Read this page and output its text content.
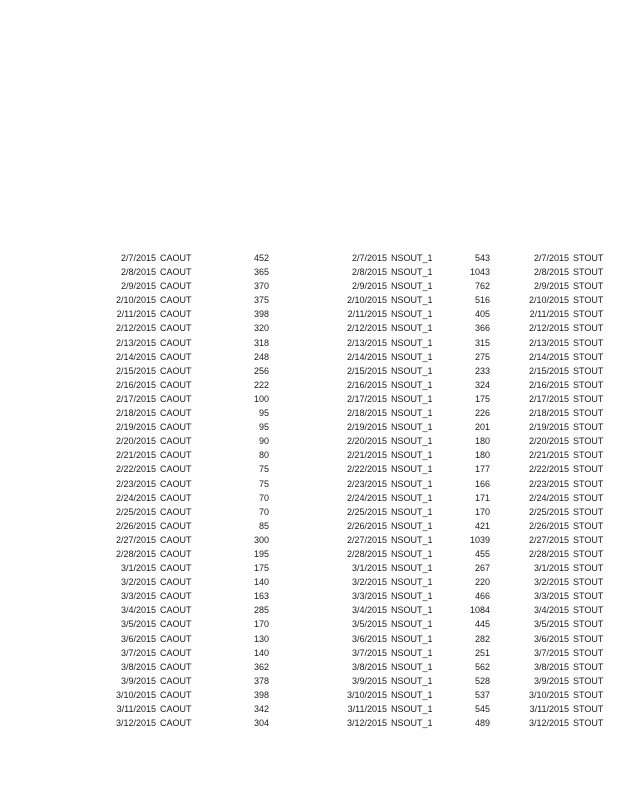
2/7/2015 CAOUT	452	2/7/2015 NSOUT_1	543	2/7/2015 STOUT
2/8/2015 CAOUT	365	2/8/2015 NSOUT_1	1043	2/8/2015 STOUT
2/9/2015 CAOUT	370	2/9/2015 NSOUT_1	762	2/9/2015 STOUT
2/10/2015 CAOUT	375	2/10/2015 NSOUT_1	516	2/10/2015 STOUT
2/11/2015 CAOUT	398	2/11/2015 NSOUT_1	405	2/11/2015 STOUT
2/12/2015 CAOUT	320	2/12/2015 NSOUT_1	366	2/12/2015 STOUT
2/13/2015 CAOUT	318	2/13/2015 NSOUT_1	315	2/13/2015 STOUT
2/14/2015 CAOUT	248	2/14/2015 NSOUT_1	275	2/14/2015 STOUT
2/15/2015 CAOUT	256	2/15/2015 NSOUT_1	233	2/15/2015 STOUT
2/16/2015 CAOUT	222	2/16/2015 NSOUT_1	324	2/16/2015 STOUT
2/17/2015 CAOUT	100	2/17/2015 NSOUT_1	175	2/17/2015 STOUT
2/18/2015 CAOUT	95	2/18/2015 NSOUT_1	226	2/18/2015 STOUT
2/19/2015 CAOUT	95	2/19/2015 NSOUT_1	201	2/19/2015 STOUT
2/20/2015 CAOUT	90	2/20/2015 NSOUT_1	180	2/20/2015 STOUT
2/21/2015 CAOUT	80	2/21/2015 NSOUT_1	180	2/21/2015 STOUT
2/22/2015 CAOUT	75	2/22/2015 NSOUT_1	177	2/22/2015 STOUT
2/23/2015 CAOUT	75	2/23/2015 NSOUT_1	166	2/23/2015 STOUT
2/24/2015 CAOUT	70	2/24/2015 NSOUT_1	171	2/24/2015 STOUT
2/25/2015 CAOUT	70	2/25/2015 NSOUT_1	170	2/25/2015 STOUT
2/26/2015 CAOUT	85	2/26/2015 NSOUT_1	421	2/26/2015 STOUT
2/27/2015 CAOUT	300	2/27/2015 NSOUT_1	1039	2/27/2015 STOUT
2/28/2015 CAOUT	195	2/28/2015 NSOUT_1	455	2/28/2015 STOUT
3/1/2015 CAOUT	175	3/1/2015 NSOUT_1	267	3/1/2015 STOUT
3/2/2015 CAOUT	140	3/2/2015 NSOUT_1	220	3/2/2015 STOUT
3/3/2015 CAOUT	163	3/3/2015 NSOUT_1	466	3/3/2015 STOUT
3/4/2015 CAOUT	285	3/4/2015 NSOUT_1	1084	3/4/2015 STOUT
3/5/2015 CAOUT	170	3/5/2015 NSOUT_1	445	3/5/2015 STOUT
3/6/2015 CAOUT	130	3/6/2015 NSOUT_1	282	3/6/2015 STOUT
3/7/2015 CAOUT	140	3/7/2015 NSOUT_1	251	3/7/2015 STOUT
3/8/2015 CAOUT	362	3/8/2015 NSOUT_1	562	3/8/2015 STOUT
3/9/2015 CAOUT	378	3/9/2015 NSOUT_1	528	3/9/2015 STOUT
3/10/2015 CAOUT	398	3/10/2015 NSOUT_1	537	3/10/2015 STOUT
3/11/2015 CAOUT	342	3/11/2015 NSOUT_1	545	3/11/2015 STOUT
3/12/2015 CAOUT	304	3/12/2015 NSOUT_1	489	3/12/2015 STOUT
